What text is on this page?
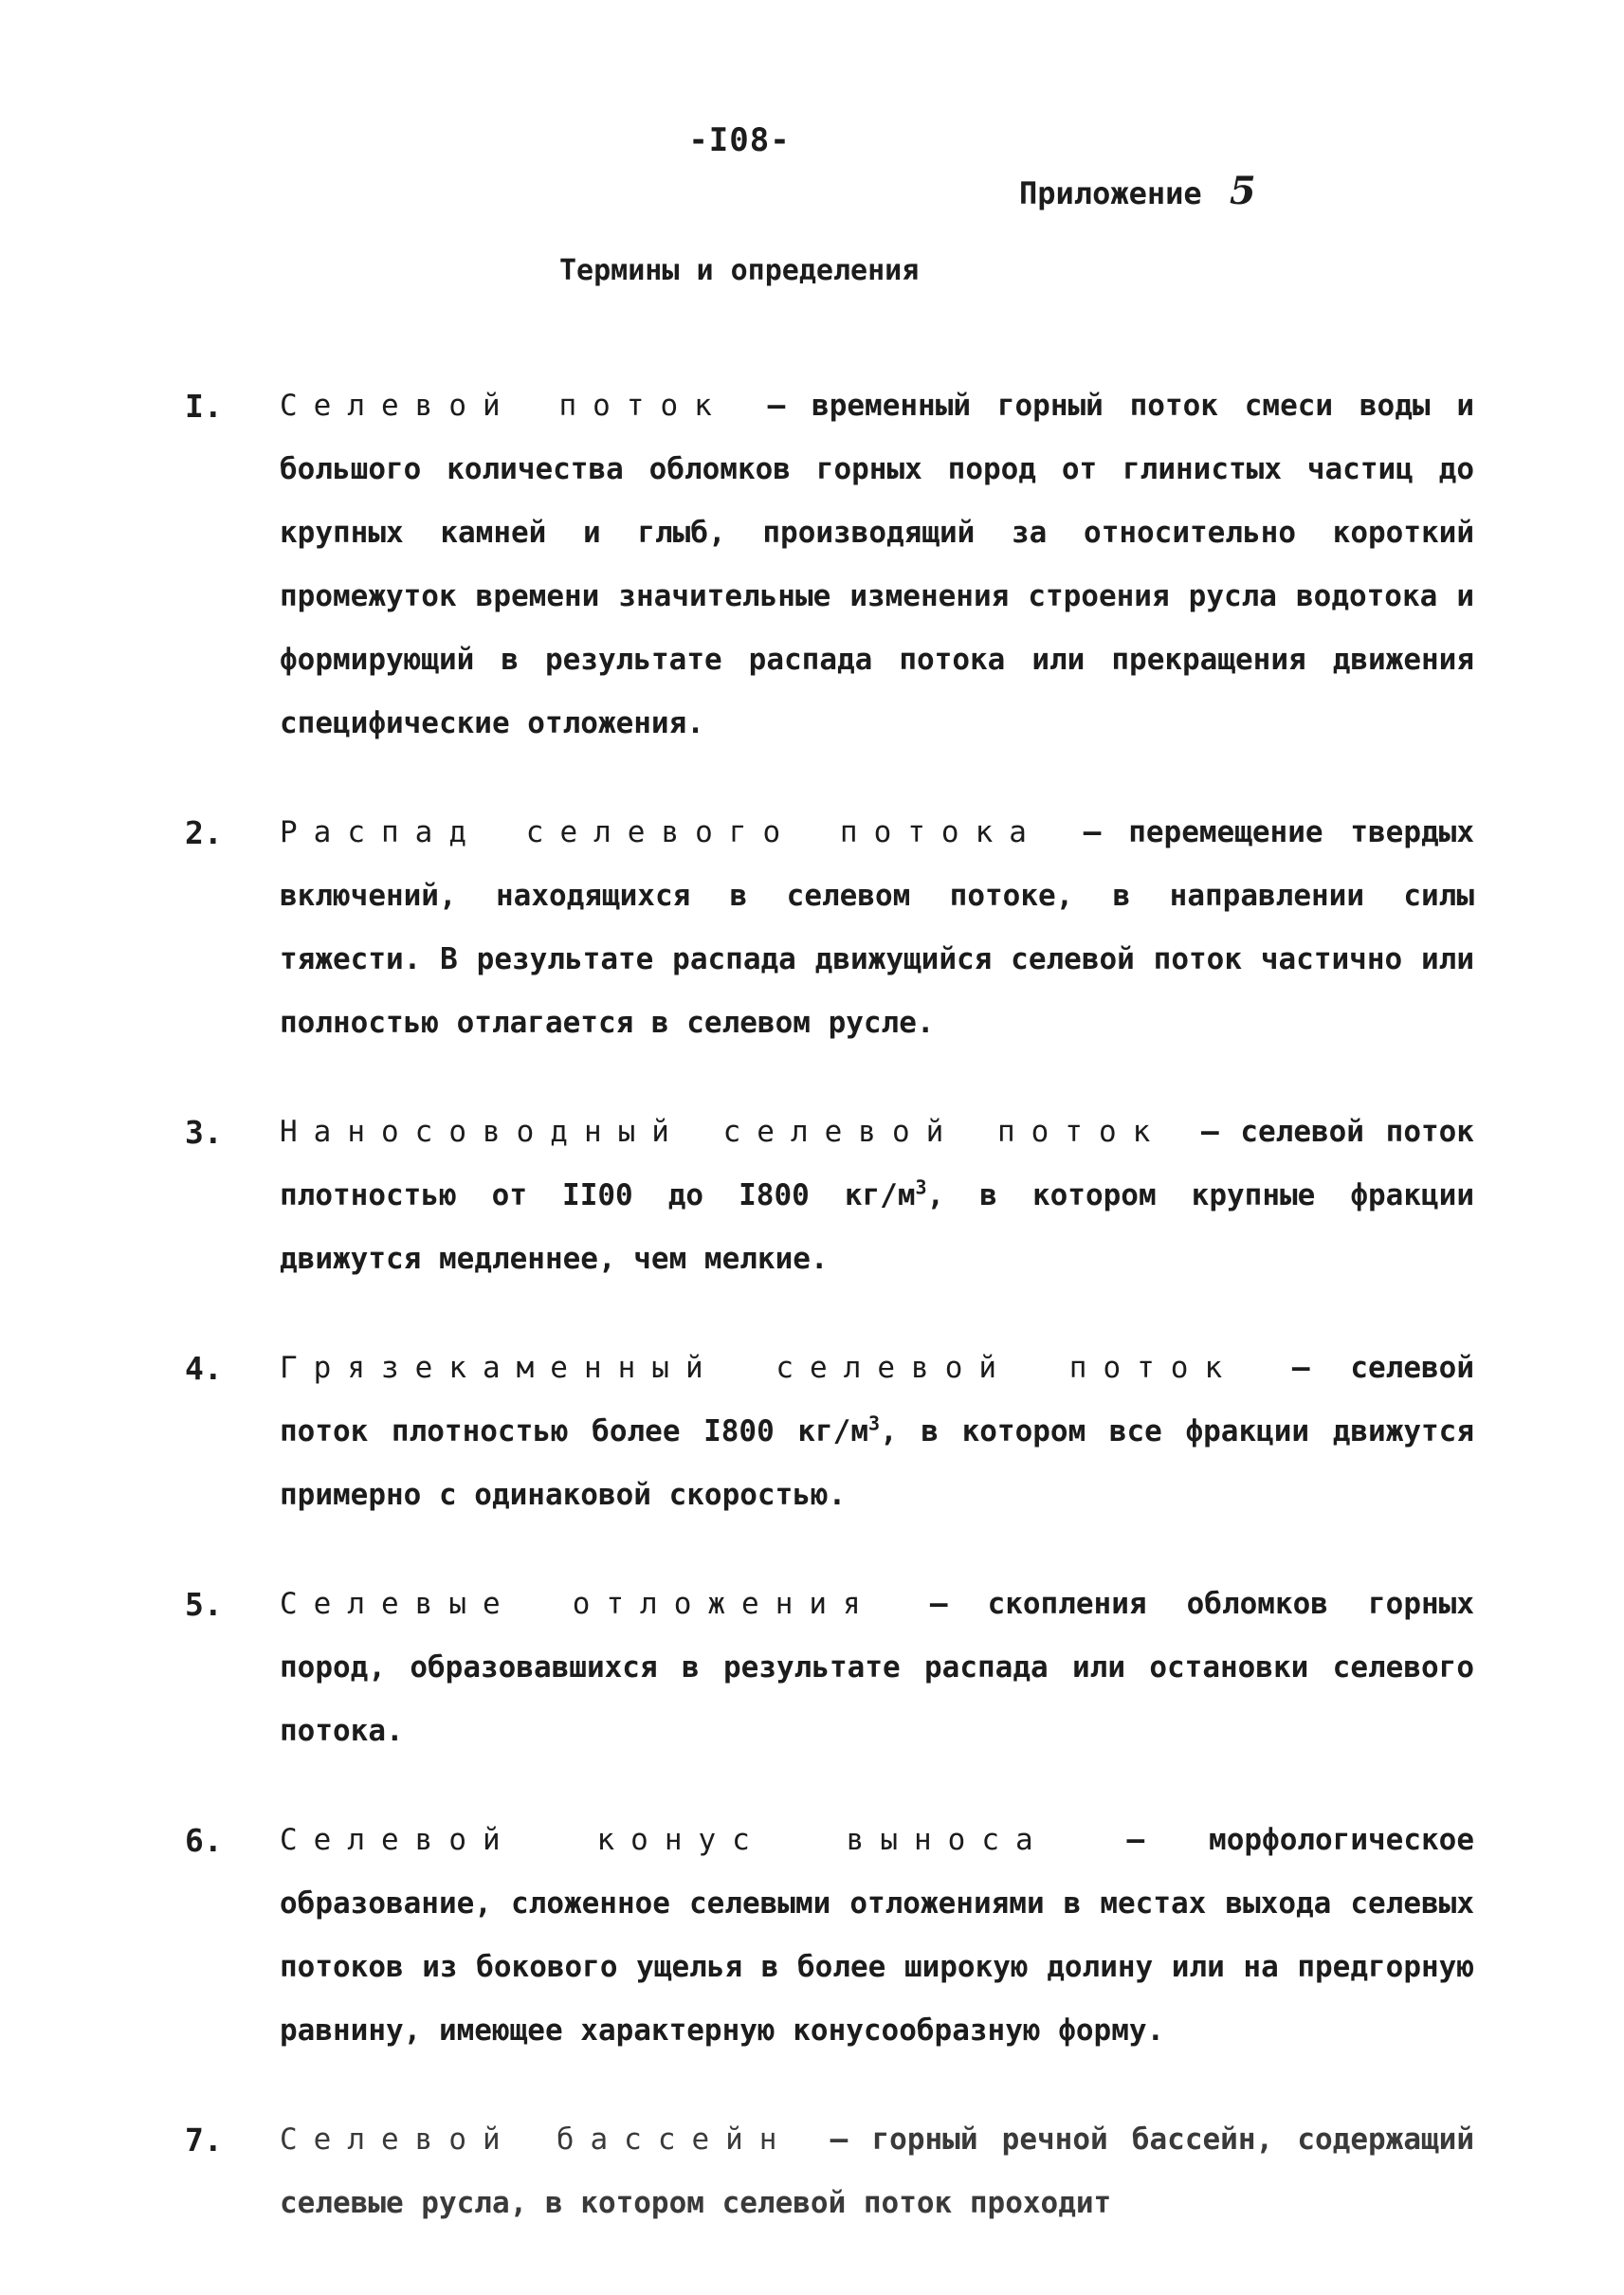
-I08-
Приложение 5
Термины и определения
I. Селевой поток – временный горный поток смеси воды и большого количества обломков горных пород от глинистых частиц до крупных камней и глыб, производящий за относительно короткий промежуток времени значительные изменения строения русла водотока и формирующий в результате распада потока или прекращения движения специфические отложения.
2. Распад селевого потока – перемещение твердых включений, находящихся в селевом потоке, в направлении силы тяжести. В результате распада движущийся селевой поток частично или полностью отлагается в селевом русле.
3. Наносоводный селевой поток – селевой поток плотностью от II00 до I800 $кг/м^3$, в котором крупные фракции движутся медленнее, чем мелкие.
4. Грязекаменный селевой поток – селевой поток плотностью более I800 $кг/м^3$, в котором все фракции движутся примерно с одинаковой скоростью.
5. Селевые отложения – скопления обломков горных пород, образовавшихся в результате распада или остановки селевого потока.
6. Селевой конус выноса	– морфологическое образование, сложенное селевыми отложениями в местах выхода селевых потоков из бокового ущелья в более широкую долину или на предгорную равнину, имеющее характерную конусообразную форму.
7. Селевой бассейн – горный речной бассейн, содержащий селевые русла, в котором селевой поток проходит
